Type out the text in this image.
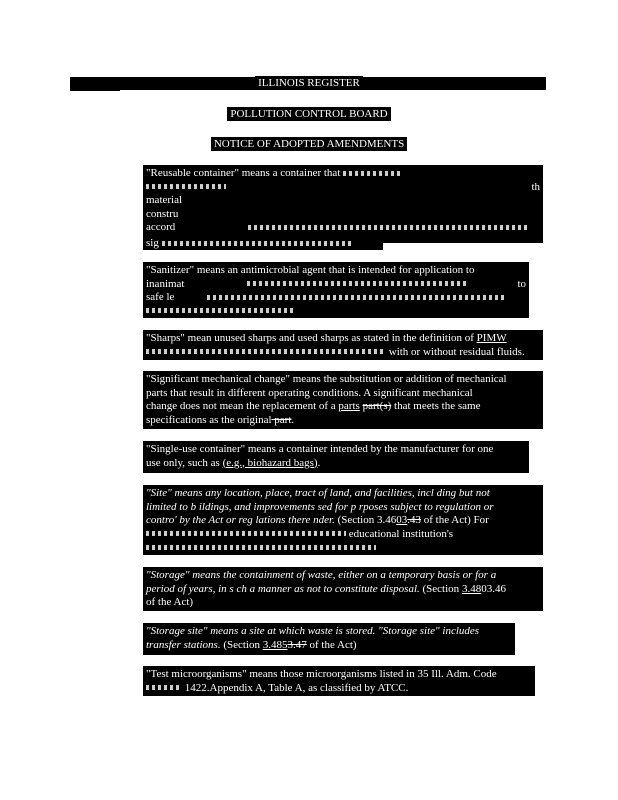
ILLINOIS REGISTER
POLLUTION CONTROL BOARD
NOTICE OF ADOPTED AMENDMENTS

"Reusable container" means a container that

th

material

constru

accord

sig

"Sanitizer" means an antimicrobial agent that is intended for application to

inanimat	to

safe le

"Sharps" mean unused sharps and used sharps as stated in the definition of PIMW

with or without residual fluids.

"Significant mechanical change" means the substitution or addition of mechanical

parts that result in different operating conditions. A significant mechanical

change does not mean the replacement of a parts part(s) that meets the same

specifications as the original part.

"Single-use container" means a container intended by the manufacturer for one

use only, such as (e.g., biohazard bags).

"Site" means any location, place, tract of land, and facilities, incl ding but not

limited to b ildings, and improvements sed for p rposes subject to regulation or

contro' by the Act or reg lations there nder. (Section 3.4603.43 of the Act) For

educational institution's

"Storage" means the containment of waste, either on a temporary basis or for a

period of years, in s ch a manner as not to constitute disposal. (Section 3.4803.46

of the Act)

"Storage site" means a site at which waste is stored. "Storage site" includes

transfer stations. (Section 3.4853.47 of the Act)

"Test microorganisms" means those microorganisms listed in 35 Ill. Adm. Code

1422.Appendix A, Table A, as classified by ATCC.
